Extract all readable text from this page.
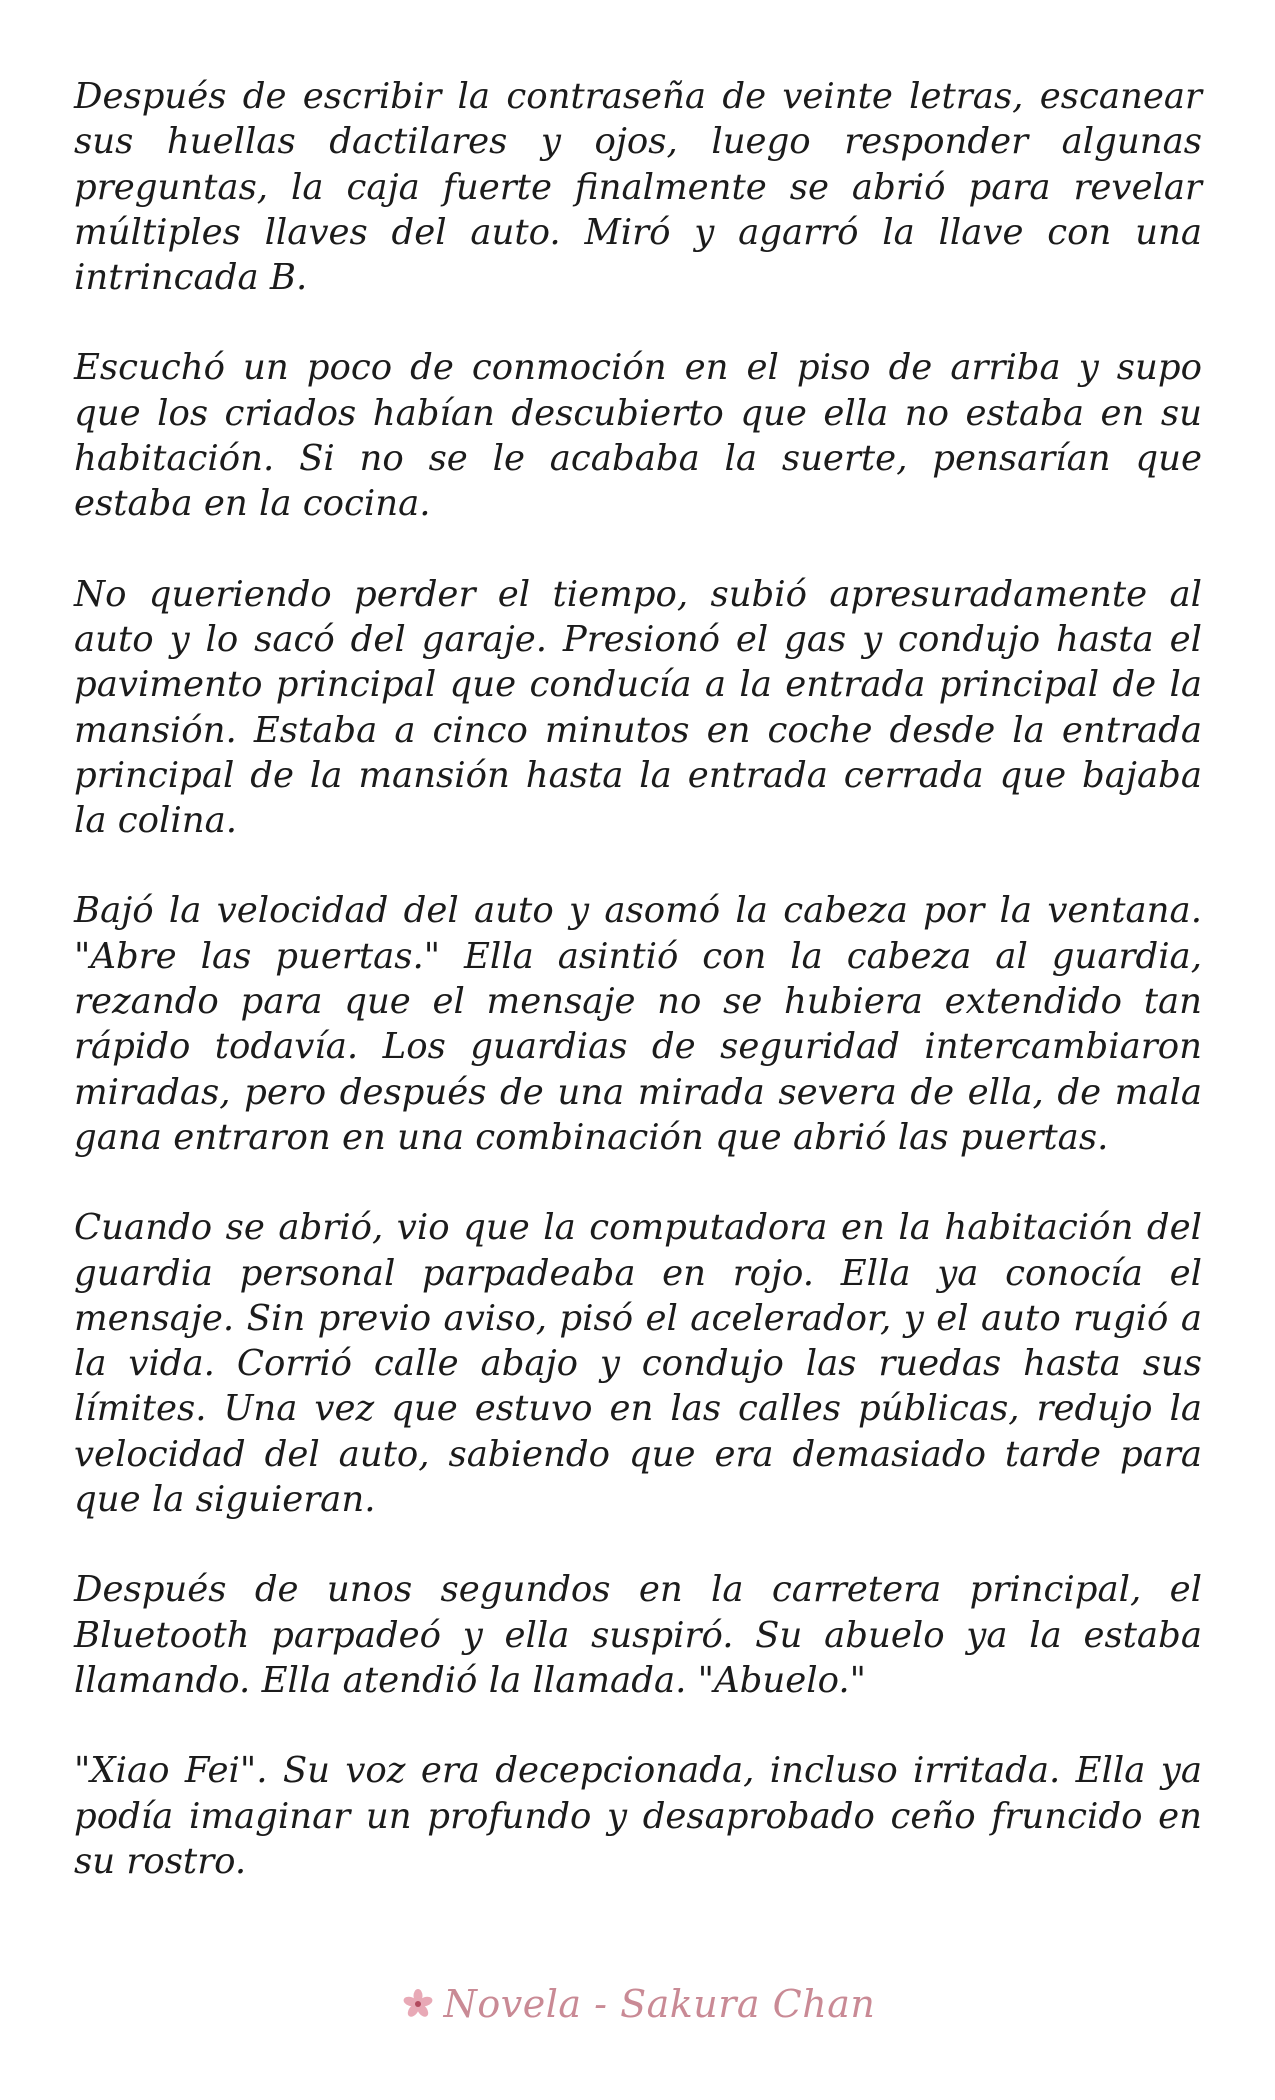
Después de escribir la contraseña de veinte letras, escanear sus huellas dactilares y ojos, luego responder algunas preguntas, la caja fuerte finalmente se abrió para revelar múltiples llaves del auto. Miró y agarró la llave con una intrincada B.

Escuchó un poco de conmoción en el piso de arriba y supo que los criados habían descubierto que ella no estaba en su habitación. Si no se le acababa la suerte, pensarían que estaba en la cocina.

No queriendo perder el tiempo, subió apresuradamente al auto y lo sacó del garaje. Presionó el gas y condujo hasta el pavimento principal que conducía a la entrada principal de la mansión. Estaba a cinco minutos en coche desde la entrada principal de la mansión hasta la entrada cerrada que bajaba la colina.

Bajó la velocidad del auto y asomó la cabeza por la ventana. "Abre las puertas." Ella asintió con la cabeza al guardia, rezando para que el mensaje no se hubiera extendido tan rápido todavía. Los guardias de seguridad intercambiaron miradas, pero después de una mirada severa de ella, de mala gana entraron en una combinación que abrió las puertas.

Cuando se abrió, vio que la computadora en la habitación del guardia personal parpadeaba en rojo. Ella ya conocía el mensaje. Sin previo aviso, pisó el acelerador, y el auto rugió a la vida. Corrió calle abajo y condujo las ruedas hasta sus límites. Una vez que estuvo en las calles públicas, redujo la velocidad del auto, sabiendo que era demasiado tarde para que la siguieran.

Después de unos segundos en la carretera principal, el Bluetooth parpadeó y ella suspiró. Su abuelo ya la estaba llamando. Ella atendió la llamada. "Abuelo."

"Xiao Fei". Su voz era decepcionada, incluso irritada. Ella ya podía imaginar un profundo y desaprobado ceño fruncido en su rostro.

Novela - Sakura Chan
